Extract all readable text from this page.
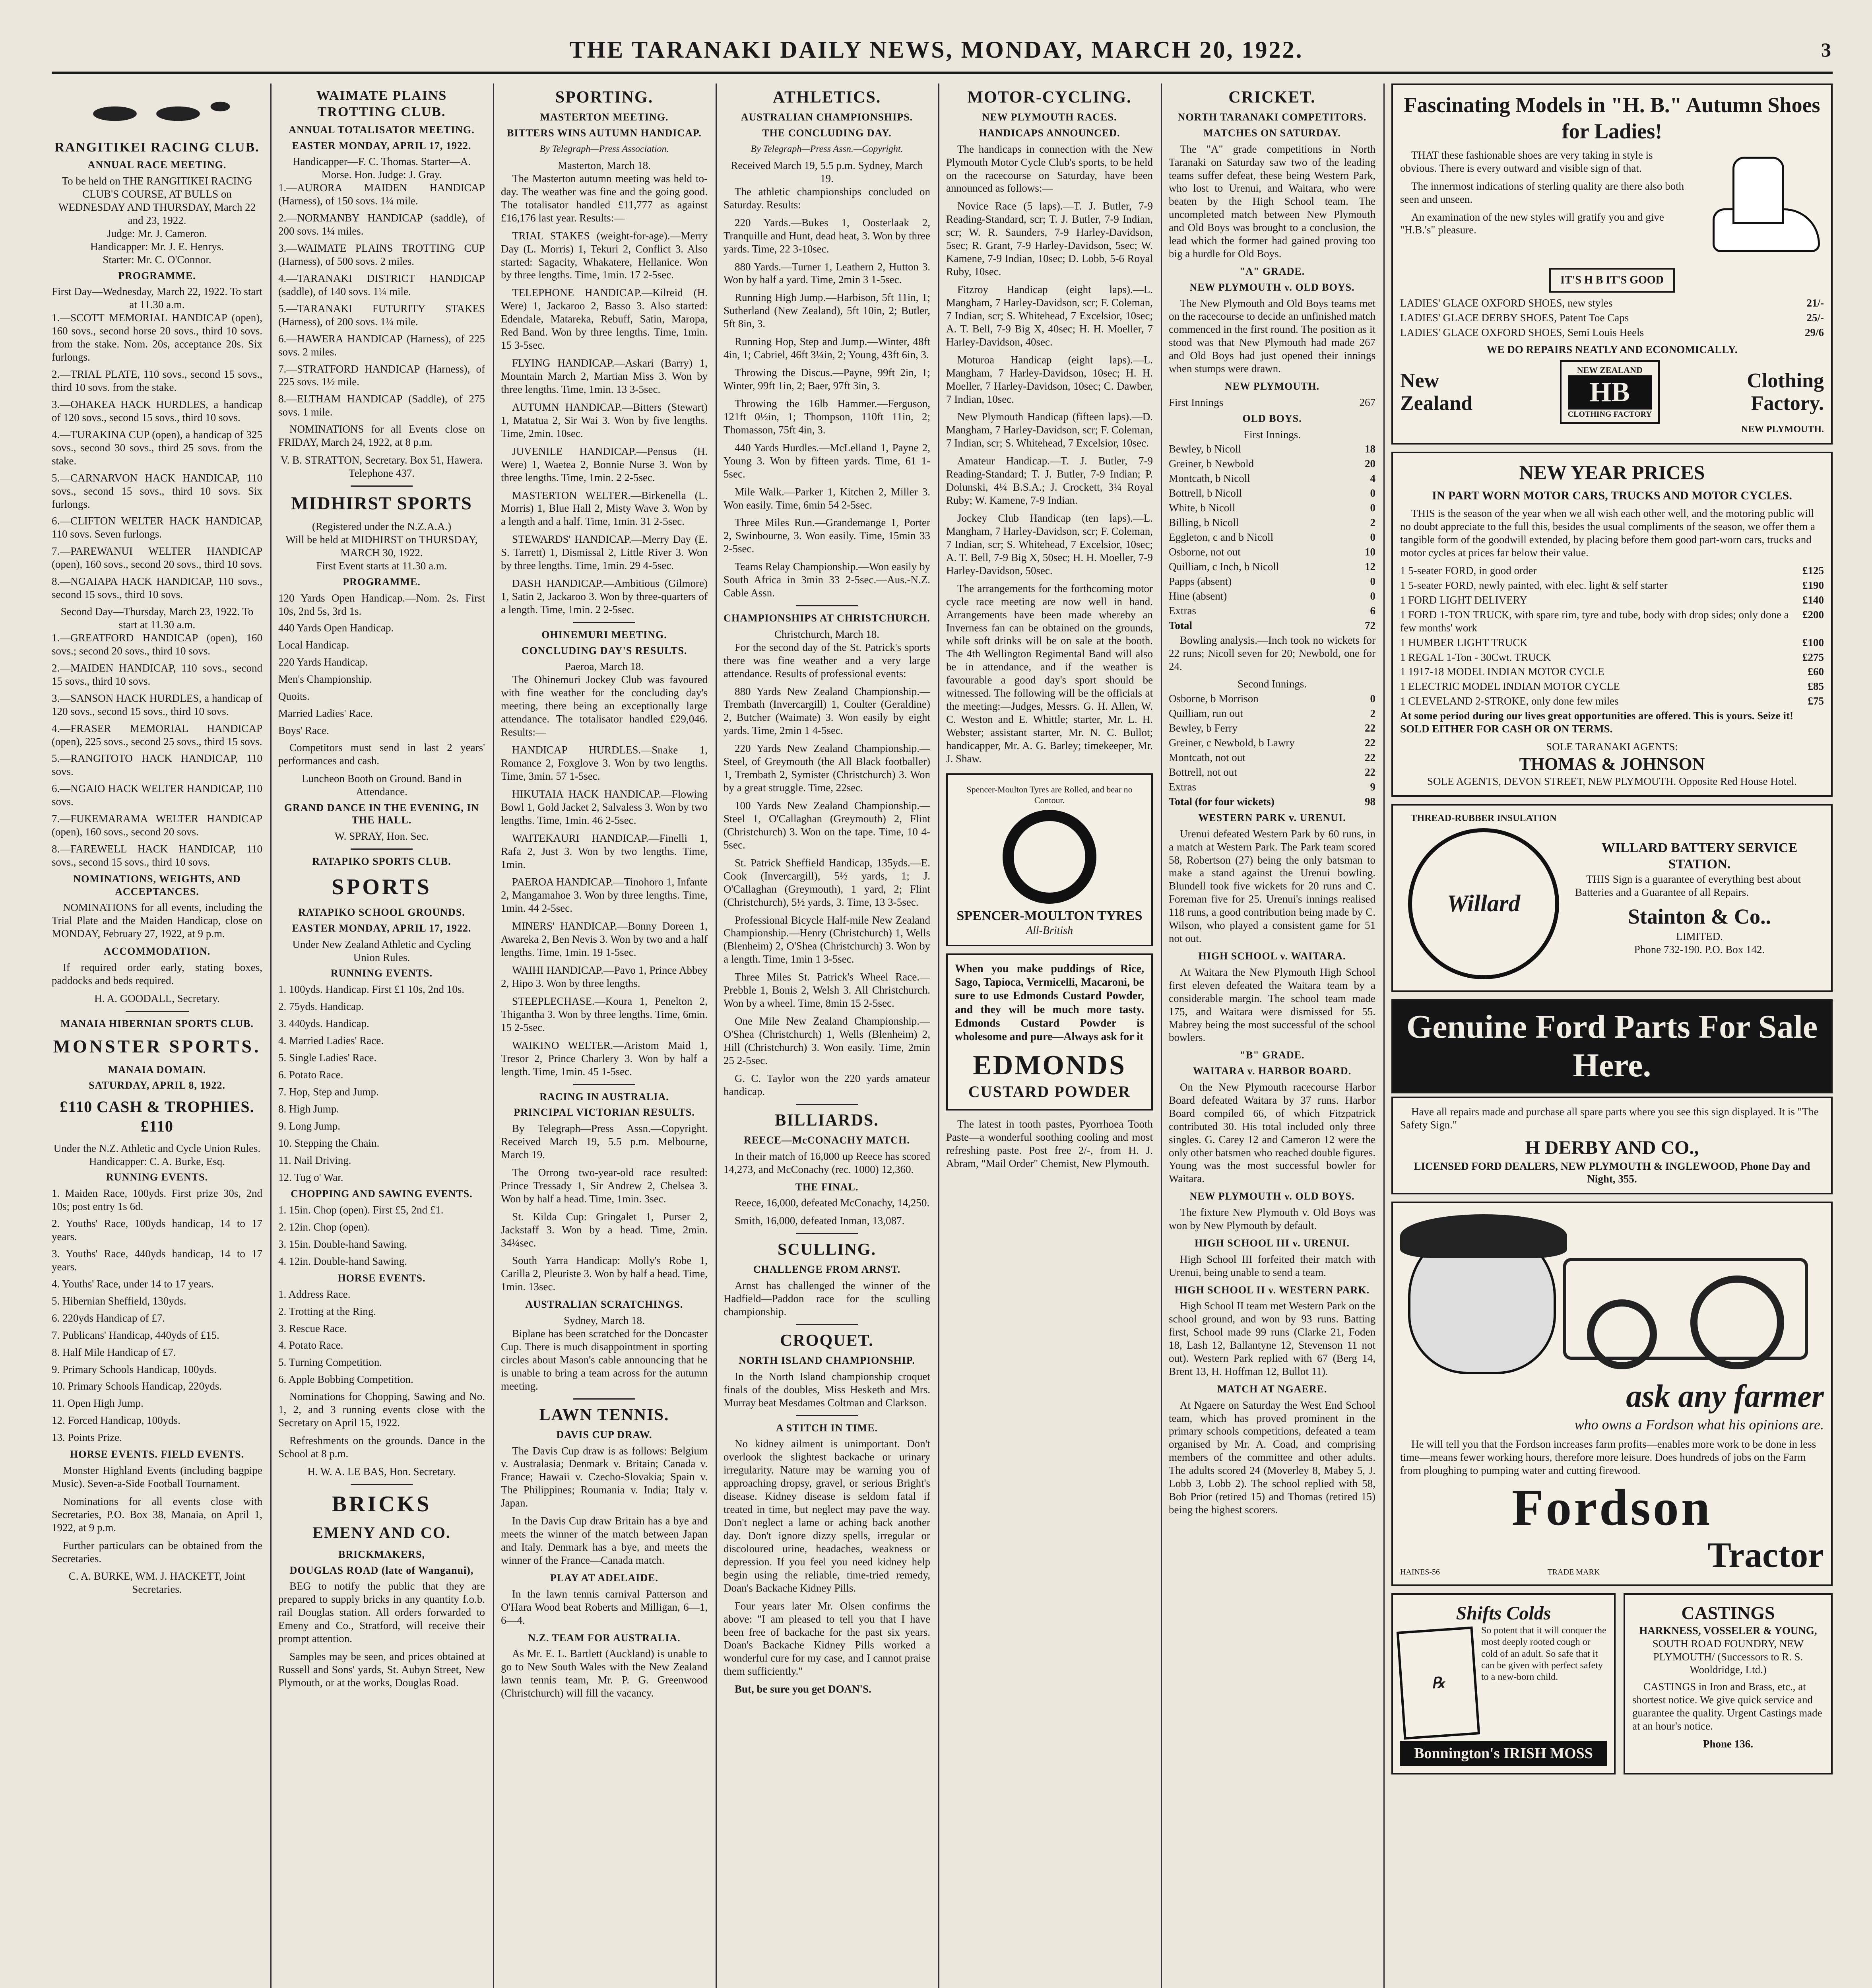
THE TARANAKI DAILY NEWS, MONDAY, MARCH 20, 1922.	3
RANGITIKEI RACING CLUB.
ANNUAL RACE MEETING.
To be held on THE RANGITIKEI RACING CLUB'S COURSE, AT BULLS on WEDNESDAY AND THURSDAY, March 22 and 23, 1922.
Judge: Mr. J. Cameron.
Handicapper: Mr. J. E. Henrys.
Starter: Mr. C. O'Connor.
PROGRAMME.
First Day—Wednesday, March 22, 1922. To start at 11.30 a.m.
1.—SCOTT MEMORIAL HANDICAP (open), 160 sovs., second horse 20 sovs., third 10 sovs. from the stake. Nom. 20s, acceptance 20s. Six furlongs.
2.—TRIAL PLATE, 110 sovs., second 15 sovs., third 10 sovs. from the stake.
3.—OHAKEA HACK HURDLES, a handicap of 120 sovs., second 15 sovs., third 10 sovs.
4.—TURAKINA CUP (open), a handicap of 325 sovs., second 30 sovs., third 25 sovs. from the stake.
5.—CARNARVON HACK HANDICAP, 110 sovs., second 15 sovs., third 10 sovs. Six furlongs.
6.—CLIFTON WELTER HACK HANDICAP, 110 sovs. Seven furlongs.
7.—PAREWANUI WELTER HANDICAP (open), 160 sovs., second 20 sovs., third 10 sovs.
8.—NGAIAPA HACK HANDICAP, 110 sovs., second 15 sovs., third 10 sovs.
Second Day—Thursday, March 23, 1922. To start at 11.30 a.m.
1.—GREATFORD HANDICAP (open), 160 sovs.; second 20 sovs., third 10 sovs.
2.—MAIDEN HANDICAP, 110 sovs., second 15 sovs., third 10 sovs.
3.—SANSON HACK HURDLES, a handicap of 120 sovs., second 15 sovs., third 10 sovs.
4.—FRASER MEMORIAL HANDICAP (open), 225 sovs., second 25 sovs., third 15 sovs.
5.—RANGITOTO HACK HANDICAP, 110 sovs.
6.—NGAIO HACK WELTER HANDICAP, 110 sovs.
7.—FUKEMARAMA WELTER HANDICAP (open), 160 sovs., second 20 sovs.
8.—FAREWELL HACK HANDICAP, 110 sovs., second 15 sovs., third 10 sovs.
NOMINATIONS, WEIGHTS, AND ACCEPTANCES.

NOMINATIONS for all events, including the Trial Plate and the Maiden Handicap, close on MONDAY, February 27, 1922, at 9 p.m.

ACCOMMODATION.

If required order early, stating boxes, paddocks and beds required.

H. A. GOODALL, Secretary.
MANAIA HIBERNIAN SPORTS CLUB.
MONSTER SPORTS.
MANAIA DOMAIN.
SATURDAY, APRIL 8, 1922.
£110 CASH & TROPHIES. £110
Under the N.Z. Athletic and Cycle Union Rules.
Handicapper: C. A. Burke, Esq.
RUNNING EVENTS.
1. Maiden Race, 100yds. First prize 30s, 2nd 10s; post entry 1s 6d.
2. Youths' Race, 100yds handicap, 14 to 17 years.
3. Youths' Race, 440yds handicap, 14 to 17 years.
4. Youths' Race, under 14 to 17 years.
5. Hibernian Sheffield, 130yds.
6. 220yds Handicap of £7.
7. Publicans' Handicap, 440yds of £15.
8. Half Mile Handicap of £7.
9. Primary Schools Handicap, 100yds.
10. Primary Schools Handicap, 220yds.
11. Open High Jump.
12. Forced Handicap, 100yds.
13. Points Prize.
HORSE EVENTS. FIELD EVENTS.

Monster Highland Events (including bagpipe Music). Seven-a-Side Football Tournament.

Nominations for all events close with Secretaries, P.O. Box 38, Manaia, on April 1, 1922, at 9 p.m.

Further particulars can be obtained from the Secretaries.

C. A. BURKE, WM. J. HACKETT, Joint Secretaries.
WAIMATE PLAINS TROTTING CLUB.
ANNUAL TOTALISATOR MEETING.
EASTER MONDAY, APRIL 17, 1922.
Handicapper—F. C. Thomas. Starter—A. Morse. Hon. Judge: J. Gray.
1.—AURORA MAIDEN HANDICAP (Harness), of 150 sovs. 1¼ mile.
2.—NORMANBY HANDICAP (saddle), of 200 sovs. 1¼ miles.
3.—WAIMATE PLAINS TROTTING CUP (Harness), of 500 sovs. 2 miles.
4.—TARANAKI DISTRICT HANDICAP (saddle), of 140 sovs. 1¼ mile.
5.—TARANAKI FUTURITY STAKES (Harness), of 200 sovs. 1¼ mile.
6.—HAWERA HANDICAP (Harness), of 225 sovs. 2 miles.
7.—STRATFORD HANDICAP (Harness), of 225 sovs. 1½ mile.
8.—ELTHAM HANDICAP (Saddle), of 275 sovs. 1 mile.

NOMINATIONS for all Events close on FRIDAY, March 24, 1922, at 8 p.m.

V. B. STRATTON, Secretary. Box 51, Hawera. Telephone 437.
MIDHIRST SPORTS
(Registered under the N.Z.A.A.)
Will be held at MIDHIRST on THURSDAY, MARCH 30, 1922.
First Event starts at 11.30 a.m.
PROGRAMME.
120 Yards Open Handicap.—Nom. 2s. First 10s, 2nd 5s, 3rd 1s.
440 Yards Open Handicap.
Local Handicap.
220 Yards Handicap.
Men's Championship.
Quoits.
Married Ladies' Race.
Boys' Race.

Competitors must send in last 2 years' performances and cash.

Luncheon Booth on Ground. Band in Attendance.
GRAND DANCE IN THE EVENING, IN THE HALL.
W. SPRAY, Hon. Sec.
RATAPIKO SPORTS CLUB.
SPORTS
RATAPIKO SCHOOL GROUNDS.
EASTER MONDAY, APRIL 17, 1922.
Under New Zealand Athletic and Cycling Union Rules.
RUNNING EVENTS.
1. 100yds. Handicap. First £1 10s, 2nd 10s.
2. 75yds. Handicap.
3. 440yds. Handicap.
4. Married Ladies' Race.
5. Single Ladies' Race.
6. Potato Race.
7. Hop, Step and Jump.
8. High Jump.
9. Long Jump.
10. Stepping the Chain.
11. Nail Driving.
12. Tug o' War.
CHOPPING AND SAWING EVENTS.
1. 15in. Chop (open). First £5, 2nd £1.
2. 12in. Chop (open).
3. 15in. Double-hand Sawing.
4. 12in. Double-hand Sawing.
HORSE EVENTS.
1. Address Race.
2. Trotting at the Ring.
3. Rescue Race.
4. Potato Race.
5. Turning Competition.
6. Apple Bobbing Competition.

Nominations for Chopping, Sawing and No. 1, 2, and 3 running events close with the Secretary on April 15, 1922.

Refreshments on the grounds. Dance in the School at 8 p.m.

H. W. A. LE BAS, Hon. Secretary.
BRICKS
EMENY AND CO.
BRICKMAKERS,
DOUGLAS ROAD (late of Wanganui),

BEG to notify the public that they are prepared to supply bricks in any quantity f.o.b. rail Douglas station. All orders forwarded to Emeny and Co., Stratford, will receive their prompt attention.

Samples may be seen, and prices obtained at Russell and Sons' yards, St. Aubyn Street, New Plymouth, or at the works, Douglas Road.

SPORTING.
MASTERTON MEETING.
BITTERS WINS AUTUMN HANDICAP.
By Telegraph—Press Association.
Masterton, March 18.

The Masterton autumn meeting was held to-day. The weather was fine and the going good. The totalisator handled £11,777 as against £16,176 last year. Results:—

TRIAL STAKES (weight-for-age).—Merry Day (L. Morris) 1, Tekuri 2, Conflict 3. Also started: Sagacity, Whakatere, Hellanice. Won by three lengths. Time, 1min. 17 2-5sec.

TELEPHONE HANDICAP.—Kilreid (H. Were) 1, Jackaroo 2, Basso 3. Also started: Edendale, Matareka, Rebuff, Satin, Maropa, Red Band. Won by three lengths. Time, 1min. 15 3-5sec.

FLYING HANDICAP.—Askari (Barry) 1, Mountain March 2, Martian Miss 3. Won by three lengths. Time, 1min. 13 3-5sec.

AUTUMN HANDICAP.—Bitters (Stewart) 1, Matatua 2, Sir Wai 3. Won by five lengths. Time, 2min. 10sec.

JUVENILE HANDICAP.—Pensus (H. Were) 1, Waetea 2, Bonnie Nurse 3. Won by three lengths. Time, 1min. 2 2-5sec.

MASTERTON WELTER.—Birkenella (L. Morris) 1, Blue Hall 2, Misty Wave 3. Won by a length and a half. Time, 1min. 31 2-5sec.

STEWARDS' HANDICAP.—Merry Day (E. S. Tarrett) 1, Dismissal 2, Little River 3. Won by three lengths. Time, 1min. 29 4-5sec.

DASH HANDICAP.—Ambitious (Gilmore) 1, Satin 2, Jackaroo 3. Won by three-quarters of a length. Time, 1min. 2 2-5sec.

OHINEMURI MEETING.
CONCLUDING DAY'S RESULTS.
Paeroa, March 18.

The Ohinemuri Jockey Club was favoured with fine weather for the concluding day's meeting, there being an exceptionally large attendance. The totalisator handled £29,046. Results:—

HANDICAP HURDLES.—Snake 1, Romance 2, Foxglove 3. Won by two lengths. Time, 3min. 57 1-5sec.

HIKUTAIA HACK HANDICAP.—Flowing Bowl 1, Gold Jacket 2, Salvaless 3. Won by two lengths. Time, 1min. 46 2-5sec.

WAITEKAURI HANDICAP.—Finelli 1, Rafa 2, Just 3. Won by two lengths. Time, 1min.

PAEROA HANDICAP.—Tinohoro 1, Infante 2, Mangamahoe 3. Won by three lengths. Time, 1min. 44 2-5sec.

MINERS' HANDICAP.—Bonny Doreen 1, Awareka 2, Ben Nevis 3. Won by two and a half lengths. Time, 1min. 19 1-5sec.

WAIHI HANDICAP.—Pavo 1, Prince Abbey 2, Hipo 3. Won by three lengths.

STEEPLECHASE.—Koura 1, Penelton 2, Thigantha 3. Won by three lengths. Time, 6min. 15 2-5sec.

WAIKINO WELTER.—Aristom Maid 1, Tresor 2, Prince Charlery 3. Won by half a length. Time, 1min. 45 1-5sec.

RACING IN AUSTRALIA.
PRINCIPAL VICTORIAN RESULTS.

By Telegraph—Press Assn.—Copyright. Received March 19, 5.5 p.m. Melbourne, March 19.

The Orrong two-year-old race resulted: Prince Tressady 1, Sir Andrew 2, Chelsea 3. Won by half a head. Time, 1min. 3sec.

St. Kilda Cup: Gringalet 1, Purser 2, Jackstaff 3. Won by a head. Time, 2min. 34¼sec.

South Yarra Handicap: Molly's Robe 1, Carilla 2, Pleuriste 3. Won by half a head. Time, 1min. 13sec.

AUSTRALIAN SCRATCHINGS.
Sydney, March 18.

Biplane has been scratched for the Doncaster Cup. There is much disappointment in sporting circles about Mason's cable announcing that he is unable to bring a team across for the autumn meeting.

LAWN TENNIS.
DAVIS CUP DRAW.

The Davis Cup draw is as follows: Belgium v. Australasia; Denmark v. Britain; Canada v. France; Hawaii v. Czecho-Slovakia; Spain v. The Philippines; Roumania v. India; Italy v. Japan.

In the Davis Cup draw Britain has a bye and meets the winner of the match between Japan and Italy. Denmark has a bye, and meets the winner of the France—Canada match.

PLAY AT ADELAIDE.

In the lawn tennis carnival Patterson and O'Hara Wood beat Roberts and Milligan, 6—1, 6—4.

N.Z. TEAM FOR AUSTRALIA.

As Mr. E. L. Bartlett (Auckland) is unable to go to New South Wales with the New Zealand lawn tennis team, Mr. P. G. Greenwood (Christchurch) will fill the vacancy.

ATHLETICS.
AUSTRALIAN CHAMPIONSHIPS.
THE CONCLUDING DAY.
By Telegraph—Press Assn.—Copyright.
Received March 19, 5.5 p.m. Sydney, March 19.

The athletic championships concluded on Saturday. Results:

220 Yards.—Bukes 1, Oosterlaak 2, Tranquille and Hunt, dead heat, 3. Won by three yards. Time, 22 3-10sec.

880 Yards.—Turner 1, Leathern 2, Hutton 3. Won by half a yard. Time, 2min 3 1-5sec.

Running High Jump.—Harbison, 5ft 11in, 1; Sutherland (New Zealand), 5ft 10in, 2; Butler, 5ft 8in, 3.

Running Hop, Step and Jump.—Winter, 48ft 4in, 1; Cabriel, 46ft 3¼in, 2; Young, 43ft 6in, 3.

Throwing the Discus.—Payne, 99ft 2in, 1; Winter, 99ft 1in, 2; Baer, 97ft 3in, 3.

Throwing the 16lb Hammer.—Ferguson, 121ft 0½in, 1; Thompson, 110ft 11in, 2; Thomasson, 75ft 4in, 3.

440 Yards Hurdles.—McLelland 1, Payne 2, Young 3. Won by fifteen yards. Time, 61 1-5sec.

Mile Walk.—Parker 1, Kitchen 2, Miller 3. Won easily. Time, 6min 54 2-5sec.

Three Miles Run.—Grandemange 1, Porter 2, Swinbourne, 3. Won easily. Time, 15min 33 2-5sec.

Teams Relay Championship.—Won easily by South Africa in 3min 33 2-5sec.—Aus.-N.Z. Cable Assn.

CHAMPIONSHIPS AT CHRISTCHURCH.
Christchurch, March 18.

For the second day of the St. Patrick's sports there was fine weather and a very large attendance. Results of professional events:

880 Yards New Zealand Championship.—Trembath (Invercargill) 1, Coulter (Geraldine) 2, Butcher (Waimate) 3. Won easily by eight yards. Time, 2min 1 4-5sec.

220 Yards New Zealand Championship.—Steel, of Greymouth (the All Black footballer) 1, Trembath 2, Symister (Christchurch) 3. Won by a great struggle. Time, 22sec.

100 Yards New Zealand Championship.—Steel 1, O'Callaghan (Greymouth) 2, Flint (Christchurch) 3. Won on the tape. Time, 10 4-5sec.

St. Patrick Sheffield Handicap, 135yds.—E. Cook (Invercargill), 5½ yards, 1; J. O'Callaghan (Greymouth), 1 yard, 2; Flint (Christchurch), 5½ yards, 3. Time, 13 3-5sec.

Professional Bicycle Half-mile New Zealand Championship.—Henry (Christchurch) 1, Wells (Blenheim) 2, O'Shea (Christchurch) 3. Won by a length. Time, 1min 1 3-5sec.

Three Miles St. Patrick's Wheel Race.—Prebble 1, Bonis 2, Welsh 3. All Christchurch. Won by a wheel. Time, 8min 15 2-5sec.

One Mile New Zealand Championship.—O'Shea (Christchurch) 1, Wells (Blenheim) 2, Hill (Christchurch) 3. Won easily. Time, 2min 25 2-5sec.

G. C. Taylor won the 220 yards amateur handicap.

BILLIARDS.
REECE—McCONACHY MATCH.

In their match of 16,000 up Reece has scored 14,273, and McConachy (rec. 1000) 12,360.

THE FINAL.

Reece, 16,000, defeated McConachy, 14,250.

Smith, 16,000, defeated Inman, 13,087.

SCULLING.
CHALLENGE FROM ARNST.

Arnst has challenged the winner of the Hadfield—Paddon race for the sculling championship.

CROQUET.
NORTH ISLAND CHAMPIONSHIP.

In the North Island championship croquet finals of the doubles, Miss Hesketh and Mrs. Murray beat Mesdames Coltman and Clarkson.

A STITCH IN TIME.

No kidney ailment is unimportant. Don't overlook the slightest backache or urinary irregularity. Nature may be warning you of approaching dropsy, gravel, or serious Bright's disease. Kidney disease is seldom fatal if treated in time, but neglect may pave the way. Don't neglect a lame or aching back another day. Don't ignore dizzy spells, irregular or discoloured urine, headaches, weakness or depression. If you feel you need kidney help begin using the reliable, time-tried remedy, Doan's Backache Kidney Pills.

Four years later Mr. Olsen confirms the above: "I am pleased to tell you that I have been free of backache for the past six years. Doan's Backache Kidney Pills worked a wonderful cure for my case, and I cannot praise them sufficiently."

But, be sure you get DOAN'S.

MOTOR-CYCLING.
NEW PLYMOUTH RACES.
HANDICAPS ANNOUNCED.

The handicaps in connection with the New Plymouth Motor Cycle Club's sports, to be held on the racecourse on Saturday, have been announced as follows:—

Novice Race (5 laps).—T. J. Butler, 7-9 Reading-Standard, scr; T. J. Butler, 7-9 Indian, scr; W. R. Saunders, 7-9 Harley-Davidson, 5sec; R. Grant, 7-9 Harley-Davidson, 5sec; W. Kamene, 7-9 Indian, 10sec; D. Lobb, 5-6 Royal Ruby, 10sec.

Fitzroy Handicap (eight laps).—L. Mangham, 7 Harley-Davidson, scr; F. Coleman, 7 Indian, scr; S. Whitehead, 7 Excelsior, 10sec; A. T. Bell, 7-9 Big X, 40sec; H. H. Moeller, 7 Harley-Davidson, 40sec.

Moturoa Handicap (eight laps).—L. Mangham, 7 Harley-Davidson, 10sec; H. H. Moeller, 7 Harley-Davidson, 10sec; C. Dawber, 7 Indian, 10sec.

New Plymouth Handicap (fifteen laps).—D. Mangham, 7 Harley-Davidson, scr; F. Coleman, 7 Indian, scr; S. Whitehead, 7 Excelsior, 10sec.

Amateur Handicap.—T. J. Butler, 7-9 Reading-Standard; T. J. Butler, 7-9 Indian; P. Dolunski, 4¼ B.S.A.; J. Crockett, 3¼ Royal Ruby; W. Kamene, 7-9 Indian.

Jockey Club Handicap (ten laps).—L. Mangham, 7 Harley-Davidson, scr; F. Coleman, 7 Indian, scr; S. Whitehead, 7 Excelsior, 10sec; A. T. Bell, 7-9 Big X, 50sec; H. H. Moeller, 7-9 Harley-Davidson, 50sec.

The arrangements for the forthcoming motor cycle race meeting are now well in hand. Arrangements have been made whereby an Inverness fan can be obtained on the grounds, while soft drinks will be on sale at the booth. The 4th Wellington Regimental Band will also be in attendance, and if the weather is favourable a good day's sport should be witnessed. The following will be the officials at the meeting:—Judges, Messrs. G. H. Allen, W. C. Weston and E. Whittle; starter, Mr. L. H. Webster; assistant starter, Mr. N. C. Bullot; handicapper, Mr. A. G. Barley; timekeeper, Mr. J. Shaw.

Spencer-Moulton Tyres are Rolled, and bear no Contour.
SPENCER-MOULTON TYRES
All-British

When you make puddings of Rice, Sago, Tapioca, Vermicelli, Macaroni, be sure to use Edmonds Custard Powder, and they will be much more tasty. Edmonds Custard Powder is wholesome and pure—Always ask for it

EDMONDS
CUSTARD POWDER

The latest in tooth pastes, Pyorrhoea Tooth Paste—a wonderful soothing cooling and most refreshing paste. Post free 2/-, from H. J. Abram, "Mail Order" Chemist, New Plymouth.

CRICKET.
NORTH TARANAKI COMPETITORS.
MATCHES ON SATURDAY.

The "A" grade competitions in North Taranaki on Saturday saw two of the leading teams suffer defeat, these being Western Park, who lost to Urenui, and Waitara, who were beaten by the High School team. The uncompleted match between New Plymouth and Old Boys was brought to a conclusion, the lead which the former had gained proving too big a hurdle for Old Boys.

"A" GRADE.
NEW PLYMOUTH v. OLD BOYS.

The New Plymouth and Old Boys teams met on the racecourse to decide an unfinished match commenced in the first round. The position as it stood was that New Plymouth had made 267 and Old Boys had just opened their innings when stumps were drawn.

NEW PLYMOUTH.
First Innings	267
OLD BOYS.
First Innings.
Bewley, b Nicoll	18
Greiner, b Newbold	20
Montcath, b Nicoll	4
Bottrell, b Nicoll	0
White, b Nicoll	0
Billing, b Nicoll	2
Eggleton, c and b Nicoll	0
Osborne, not out	10
Quilliam, c Inch, b Nicoll	12
Papps (absent)	0
Hine (absent)	0
Extras	6
Total	72

Bowling analysis.—Inch took no wickets for 22 runs; Nicoll seven for 20; Newbold, one for 24.

Second Innings.
Osborne, b Morrison	0
Quilliam, run out	2
Bewley, b Ferry	22
Greiner, c Newbold, b Lawry	22
Montcath, not out	22
Bottrell, not out	22
Extras	9
Total (for four wickets)	98
WESTERN PARK v. URENUI.

Urenui defeated Western Park by 60 runs, in a match at Western Park. The Park team scored 58, Robertson (27) being the only batsman to make a stand against the Urenui bowling. Blundell took five wickets for 20 runs and C. Foreman five for 25. Urenui's innings realised 118 runs, a good contribution being made by C. Wilson, who played a consistent game for 51 not out.

HIGH SCHOOL v. WAITARA.

At Waitara the New Plymouth High School first eleven defeated the Waitara team by a considerable margin. The school team made 175, and Waitara were dismissed for 55. Mabrey being the most successful of the school bowlers.

"B" GRADE.
WAITARA v. HARBOR BOARD.

On the New Plymouth racecourse Harbor Board defeated Waitara by 37 runs. Harbor Board compiled 66, of which Fitzpatrick contributed 30. His total included only three singles. G. Carey 12 and Cameron 12 were the only other batsmen who reached double figures. Young was the most successful bowler for Waitara.

NEW PLYMOUTH v. OLD BOYS.

The fixture New Plymouth v. Old Boys was won by New Plymouth by default.

HIGH SCHOOL III v. URENUI.

High School III forfeited their match with Urenui, being unable to send a team.

HIGH SCHOOL II v. WESTERN PARK.

High School II team met Western Park on the school ground, and won by 93 runs. Batting first, School made 99 runs (Clarke 21, Foden 18, Lash 12, Ballantyne 12, Stevenson 11 not out). Western Park replied with 67 (Berg 14, Brent 13, H. Hoffman 12, Bullot 11).

MATCH AT NGAERE.

At Ngaere on Saturday the West End School team, which has proved prominent in the primary schools competitions, defeated a team organised by Mr. A. Coad, and comprising members of the committee and other adults. The adults scored 24 (Moverley 8, Mabey 5, J. Lobb 3, Lobb 2). The school replied with 58, Bob Prior (retired 15) and Thomas (retired 15) being the highest scorers.

Fascinating Models in "H. B." Autumn Shoes for Ladies!

THAT these fashionable shoes are very taking in style is obvious. There is every outward and visible sign of that.

The innermost indications of sterling quality are there also both seen and unseen.

An examination of the new styles will gratify you and give "H.B.'s" pleasure.

IT'S H B IT'S GOOD
LADIES' GLACE OXFORD SHOES, new styles	21/-
LADIES' GLACE DERBY SHOES, Patent Toe Caps	25/-
LADIES' GLACE OXFORD SHOES, Semi Louis Heels	29/6
WE DO REPAIRS NEATLY AND ECONOMICALLY.
New
Zealand
NEW ZEALAND
HB
CLOTHING FACTORY
Clothing
Factory.
NEW PLYMOUTH.
NEW YEAR PRICES
IN PART WORN MOTOR CARS, TRUCKS AND MOTOR CYCLES.

THIS is the season of the year when we all wish each other well, and the motoring public will no doubt appreciate to the full this, besides the usual compliments of the season, we offer them a tangible form of the goodwill extended, by placing before them good part-worn cars, trucks and motor cycles at prices far below their value.

1 5-seater FORD, in good order	£125
1 5-seater FORD, newly painted, with elec. light & self starter	£190
1 FORD LIGHT DELIVERY	£140
1 FORD 1-TON TRUCK, with spare rim, tyre and tube, body with drop sides; only done a few months' work
£200
1 HUMBER LIGHT TRUCK	£100
1 REGAL 1-Ton - 30Cwt. TRUCK	£275
1 1917-18 MODEL INDIAN MOTOR CYCLE	£60
1 ELECTRIC MODEL INDIAN MOTOR CYCLE	£85
1 CLEVELAND 2-STROKE, only done few miles	£75

At some period during our lives great opportunities are offered. This is yours. Seize it! SOLD EITHER FOR CASH OR ON TERMS.

SOLE TARANAKI AGENTS:
THOMAS & JOHNSON
SOLE AGENTS, DEVON STREET, NEW PLYMOUTH. Opposite Red House Hotel.
THREAD-RUBBER INSULATION
Willard
WILLARD BATTERY SERVICE STATION.

THIS Sign is a guarantee of everything best about Batteries and a Guarantee of all Repairs.

Stainton & Co..
LIMITED.
Phone 732-190. P.O. Box 142.
Genuine Ford Parts For Sale Here.

Have all repairs made and purchase all spare parts where you see this sign displayed. It is "The Safety Sign."

H DERBY AND CO.,
LICENSED FORD DEALERS, NEW PLYMOUTH & INGLEWOOD, Phone Day and Night, 355.
ask any farmer
who owns a Fordson what his opinions are.

He will tell you that the Fordson increases farm profits—enables more work to be done in less time—means fewer working hours, therefore more leisure. Does hundreds of jobs on the Farm from ploughing to pumping water and cutting firewood.

Fordson
HAINES-56	TRADE MARK	Tractor
Shifts Colds
℞

So potent that it will conquer the most deeply rooted cough or cold of an adult. So safe that it can be given with perfect safety to a new-born child.

Bonnington's IRISH MOSS
CASTINGS
HARKNESS, VOSSELER & YOUNG,
SOUTH ROAD FOUNDRY, NEW PLYMOUTH/ (Successors to R. S. Wooldridge, Ltd.)

CASTINGS in Iron and Brass, etc., at shortest notice. We give quick service and guarantee the quality. Urgent Castings made at an hour's notice.

Phone 136.
